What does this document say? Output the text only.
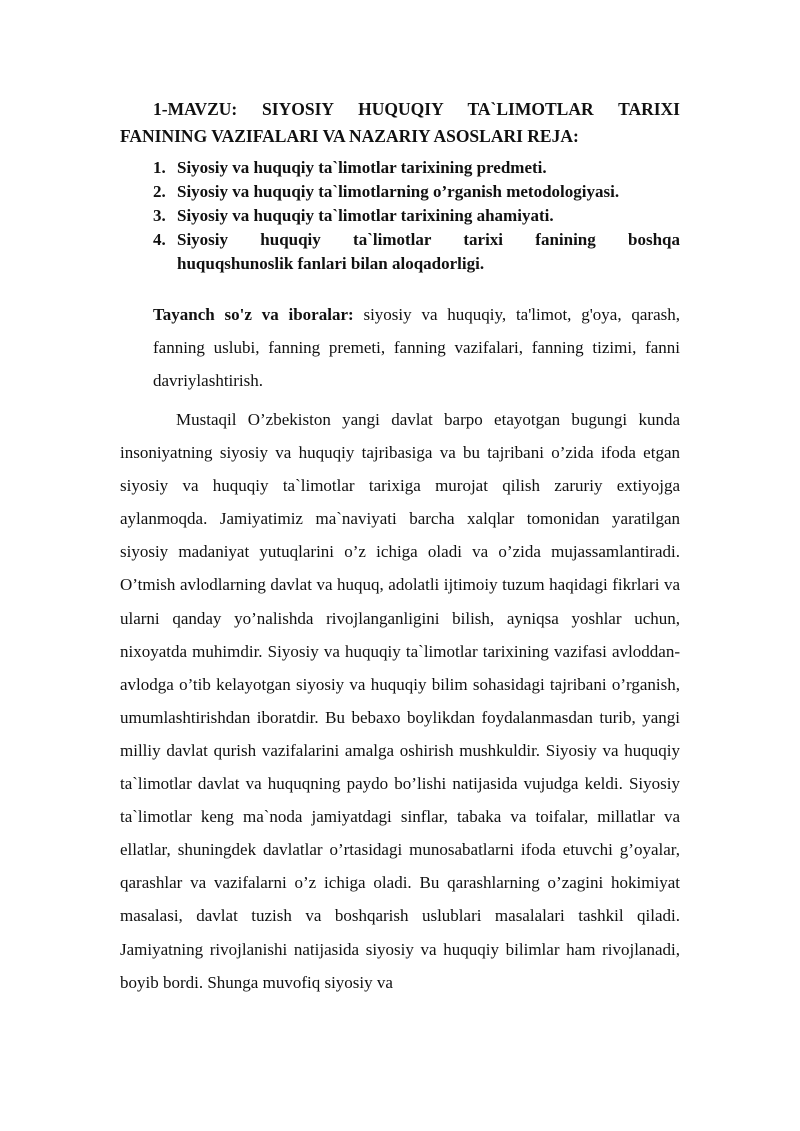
1-MAVZU: SIYOSIY HUQUQIY TA`LIMOTLAR TARIXI
FANINING VAZIFALARI VA NAZARIY ASOSLARI REJA:
1. Siyosiy va huquqiy ta`limotlar tarixining predmeti.
2. Siyosiy va huquqiy ta`limotlarning o’rganish metodologiyasi.
3. Siyosiy va huquqiy ta`limotlar tarixining ahamiyati.
4. Siyosiy huquqiy ta`limotlar tarixi fanining boshqa
huquqshunoslik fanlari bilan aloqadorligi.

Tayanch so'z va iboralar: siyosiy va huquqiy, ta'limot, g'oya, qarash, fanning uslubi, fanning premeti, fanning vazifalari, fanning tizimi, fanni davriylashtirish.

Mustaqil O’zbekiston yangi davlat barpo etayotgan bugungi kunda insoniyatning siyosiy va huquqiy tajribasiga va bu tajribani o’zida ifoda etgan siyosiy va huquqiy ta`limotlar tarixiga murojat qilish zaruriy extiyojga aylanmoqda. Jamiyatimiz ma`naviyati barcha xalqlar tomonidan yaratilgan siyosiy madaniyat yutuqlarini o’z ichiga oladi va o’zida mujassamlantiradi. O’tmish avlodlarning davlat va huquq, adolatli ijtimoiy tuzum haqidagi fikrlari va ularni qanday yo’nalishda rivojlanganligini bilish, ayniqsa yoshlar uchun, nixoyatda muhimdir. Siyosiy va huquqiy ta`limotlar tarixining vazifasi avloddan-avlodga o’tib kelayotgan siyosiy va huquqiy bilim sohasidagi tajribani o’rganish, umumlashtirishdan iboratdir. Bu bebaxo boylikdan foydalanmasdan turib, yangi milliy davlat qurish vazifalarini amalga oshirish mushkuldir. Siyosiy va huquqiy ta`limotlar davlat va huquqning paydo bo’lishi natijasida vujudga keldi. Siyosiy ta`limotlar keng ma`noda jamiyatdagi sinflar, tabaka va toifalar, millatlar va ellatlar, shuningdek davlatlar o’rtasidagi munosabatlarni ifoda etuvchi g’oyalar, qarashlar va vazifalarni o’z ichiga oladi. Bu qarashlarning o’zagini hokimiyat masalasi, davlat tuzish va boshqarish uslublari masalalari tashkil qiladi. Jamiyatning rivojlanishi natijasida siyosiy va huquqiy bilimlar ham rivojlanadi, boyib bordi. Shunga muvofiq siyosiy va
